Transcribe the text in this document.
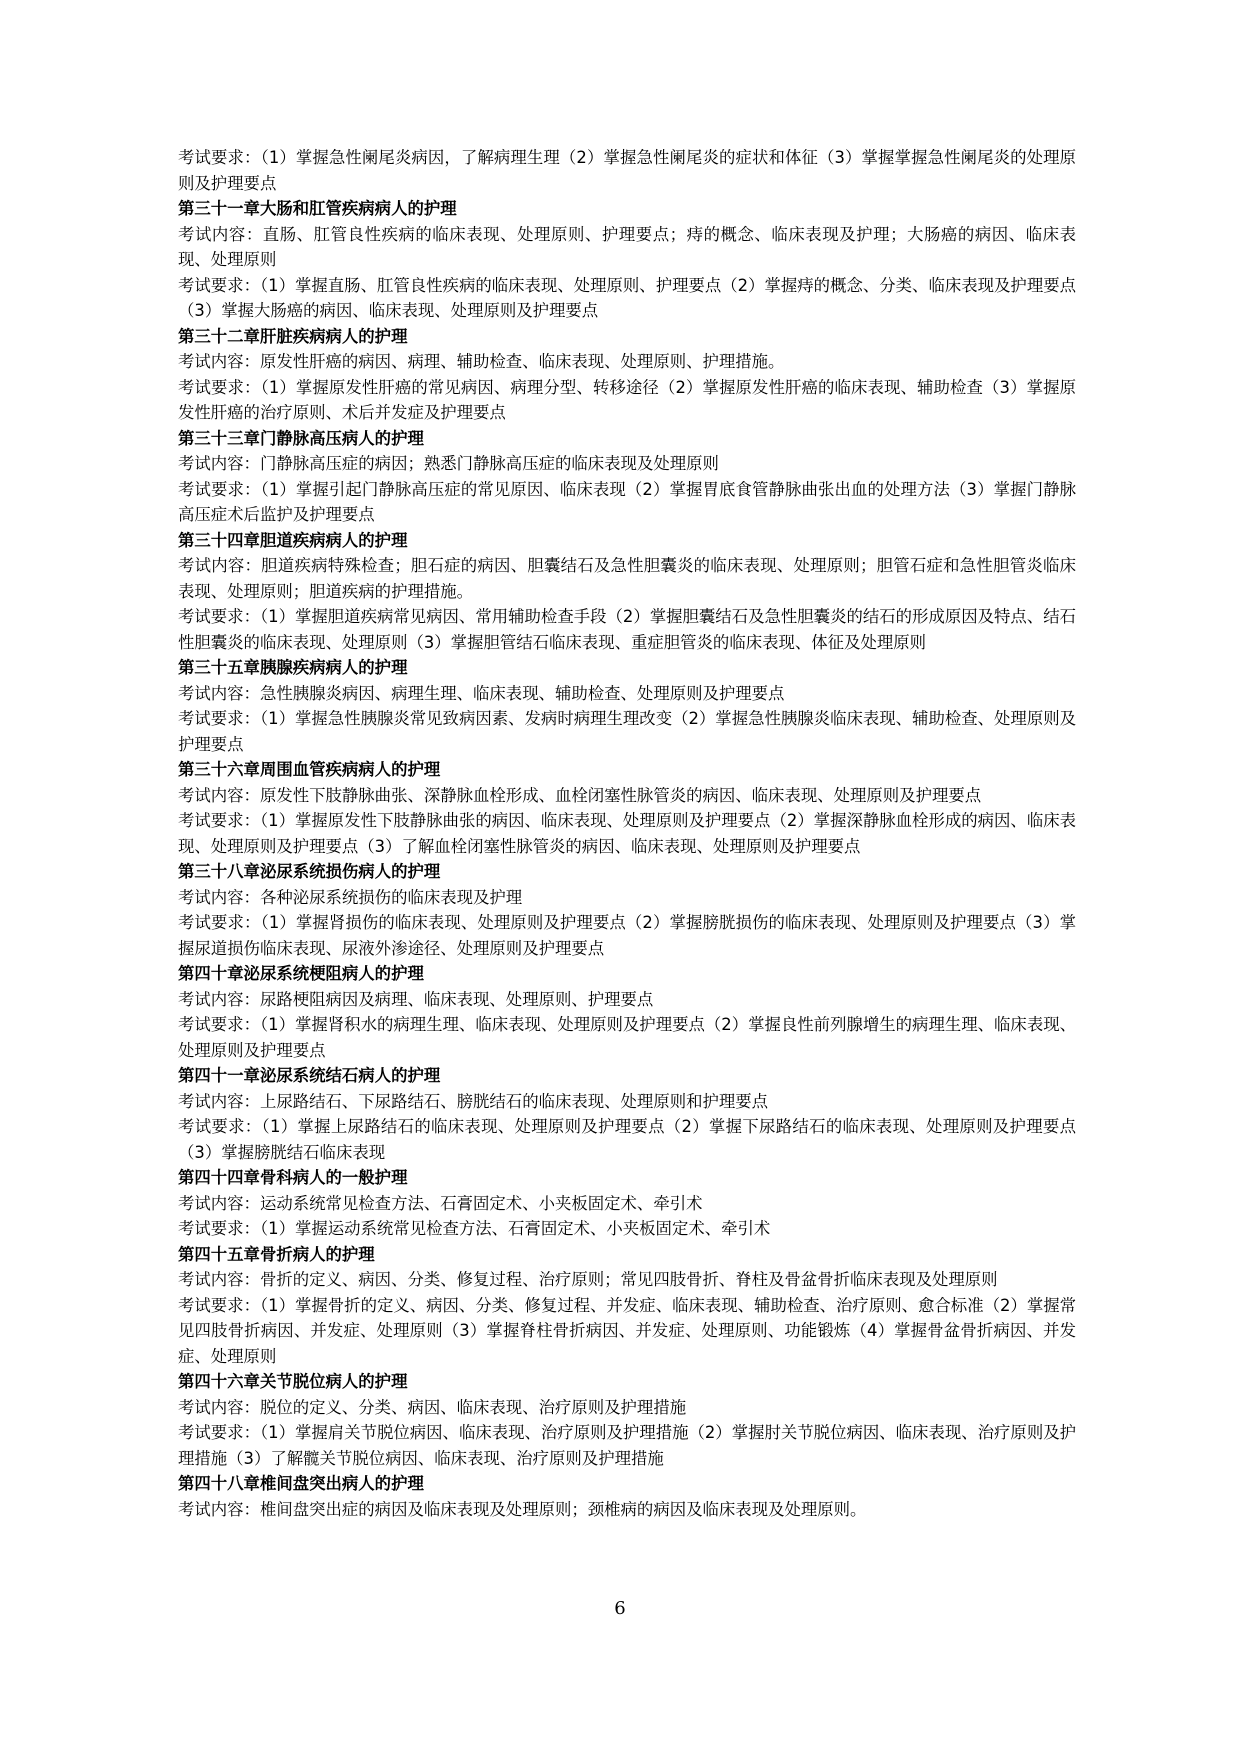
考试要求：（1）掌握急性阑尾炎病因，了解病理生理（2）掌握急性阑尾炎的症状和体征（3）掌握掌握急性阑尾炎的处理原则及护理要点

第三十一章大肠和肛管疾病病人的护理

考试内容：直肠、肛管良性疾病的临床表现、处理原则、护理要点；痔的概念、临床表现及护理；大肠癌的病因、临床表现、处理原则

考试要求：（1）掌握直肠、肛管良性疾病的临床表现、处理原则、护理要点（2）掌握痔的概念、分类、临床表现及护理要点（3）掌握大肠癌的病因、临床表现、处理原则及护理要点

第三十二章肝脏疾病病人的护理

考试内容：原发性肝癌的病因、病理、辅助检查、临床表现、处理原则、护理措施。

考试要求：（1）掌握原发性肝癌的常见病因、病理分型、转移途径（2）掌握原发性肝癌的临床表现、辅助检查（3）掌握原发性肝癌的治疗原则、术后并发症及护理要点

第三十三章门静脉高压病人的护理

考试内容：门静脉高压症的病因；熟悉门静脉高压症的临床表现及处理原则

考试要求：（1）掌握引起门静脉高压症的常见原因、临床表现（2）掌握胃底食管静脉曲张出血的处理方法（3）掌握门静脉高压症术后监护及护理要点

第三十四章胆道疾病病人的护理

考试内容：胆道疾病特殊检查；胆石症的病因、胆囊结石及急性胆囊炎的临床表现、处理原则；胆管石症和急性胆管炎临床表现、处理原则；胆道疾病的护理措施。

考试要求：（1）掌握胆道疾病常见病因、常用辅助检查手段（2）掌握胆囊结石及急性胆囊炎的结石的形成原因及特点、结石性胆囊炎的临床表现、处理原则（3）掌握胆管结石临床表现、重症胆管炎的临床表现、体征及处理原则

第三十五章胰腺疾病病人的护理

考试内容：急性胰腺炎病因、病理生理、临床表现、辅助检查、处理原则及护理要点

考试要求：（1）掌握急性胰腺炎常见致病因素、发病时病理生理改变（2）掌握急性胰腺炎临床表现、辅助检查、处理原则及护理要点

第三十六章周围血管疾病病人的护理

考试内容：原发性下肢静脉曲张、深静脉血栓形成、血栓闭塞性脉管炎的病因、临床表现、处理原则及护理要点

考试要求：（1）掌握原发性下肢静脉曲张的病因、临床表现、处理原则及护理要点（2）掌握深静脉血栓形成的病因、临床表现、处理原则及护理要点（3）了解血栓闭塞性脉管炎的病因、临床表现、处理原则及护理要点

第三十八章泌尿系统损伤病人的护理

考试内容：各种泌尿系统损伤的临床表现及护理

考试要求：（1）掌握肾损伤的临床表现、处理原则及护理要点（2）掌握膀胱损伤的临床表现、处理原则及护理要点（3）掌握尿道损伤临床表现、尿液外渗途径、处理原则及护理要点

第四十章泌尿系统梗阻病人的护理

考试内容：尿路梗阻病因及病理、临床表现、处理原则、护理要点

考试要求：（1）掌握肾积水的病理生理、临床表现、处理原则及护理要点（2）掌握良性前列腺增生的病理生理、临床表现、处理原则及护理要点

第四十一章泌尿系统结石病人的护理

考试内容：上尿路结石、下尿路结石、膀胱结石的临床表现、处理原则和护理要点

考试要求：（1）掌握上尿路结石的临床表现、处理原则及护理要点（2）掌握下尿路结石的临床表现、处理原则及护理要点（3）掌握膀胱结石临床表现

第四十四章骨科病人的一般护理

考试内容：运动系统常见检查方法、石膏固定术、小夹板固定术、牵引术

考试要求：（1）掌握运动系统常见检查方法、石膏固定术、小夹板固定术、牵引术

第四十五章骨折病人的护理

考试内容：骨折的定义、病因、分类、修复过程、治疗原则；常见四肢骨折、脊柱及骨盆骨折临床表现及处理原则

考试要求：（1）掌握骨折的定义、病因、分类、修复过程、并发症、临床表现、辅助检查、治疗原则、愈合标准（2）掌握常见四肢骨折病因、并发症、处理原则（3）掌握脊柱骨折病因、并发症、处理原则、功能锻炼（4）掌握骨盆骨折病因、并发症、处理原则

第四十六章关节脱位病人的护理

考试内容：脱位的定义、分类、病因、临床表现、治疗原则及护理措施

考试要求：（1）掌握肩关节脱位病因、临床表现、治疗原则及护理措施（2）掌握肘关节脱位病因、临床表现、治疗原则及护理措施（3）了解髋关节脱位病因、临床表现、治疗原则及护理措施

第四十八章椎间盘突出病人的护理

考试内容：椎间盘突出症的病因及临床表现及处理原则；颈椎病的病因及临床表现及处理原则。

6
